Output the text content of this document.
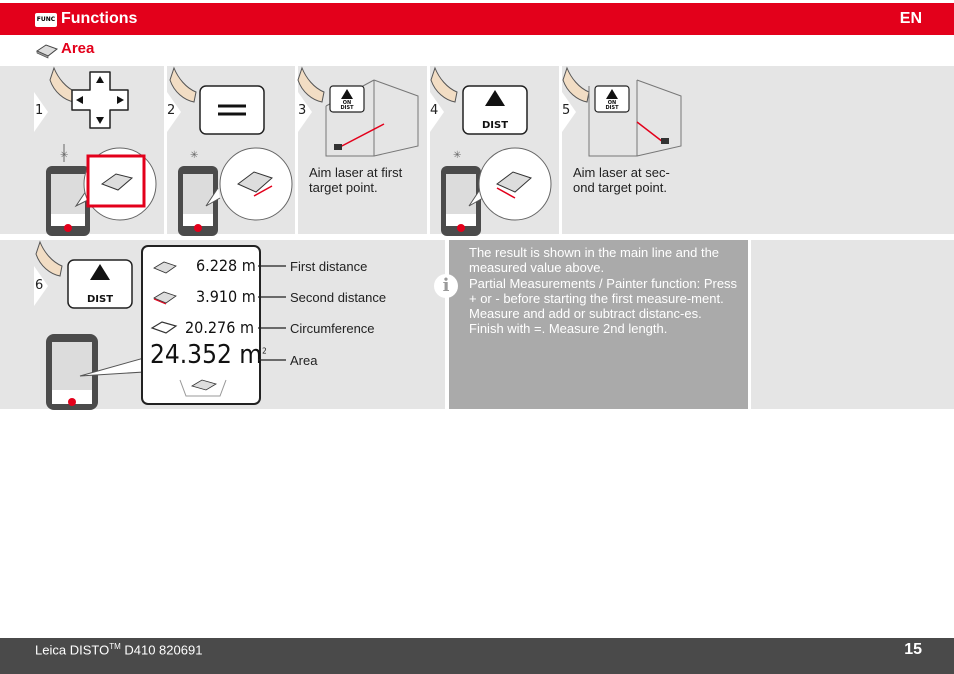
FUNC Functions	EN
Area
1	2	3	4	5
✳	✳
ON
DIST
Aim laser at first target point.
ON
DIST
✳
ON
DIST
Aim laser at sec-ond target point.
6	ON
DIST
6.228 m
3.910 m
20.276 m
24.352 $m^2$
First distance
Second distance
Circumference
Area
i
The result is shown in the main line and the measured value above.
Partial Measurements / Painter function: Press + or - before starting the first measure-ment. Measure and add or subtract distanc-es. Finish with =. Measure 2nd length.
Leica DISTO™ D410 820691	15
